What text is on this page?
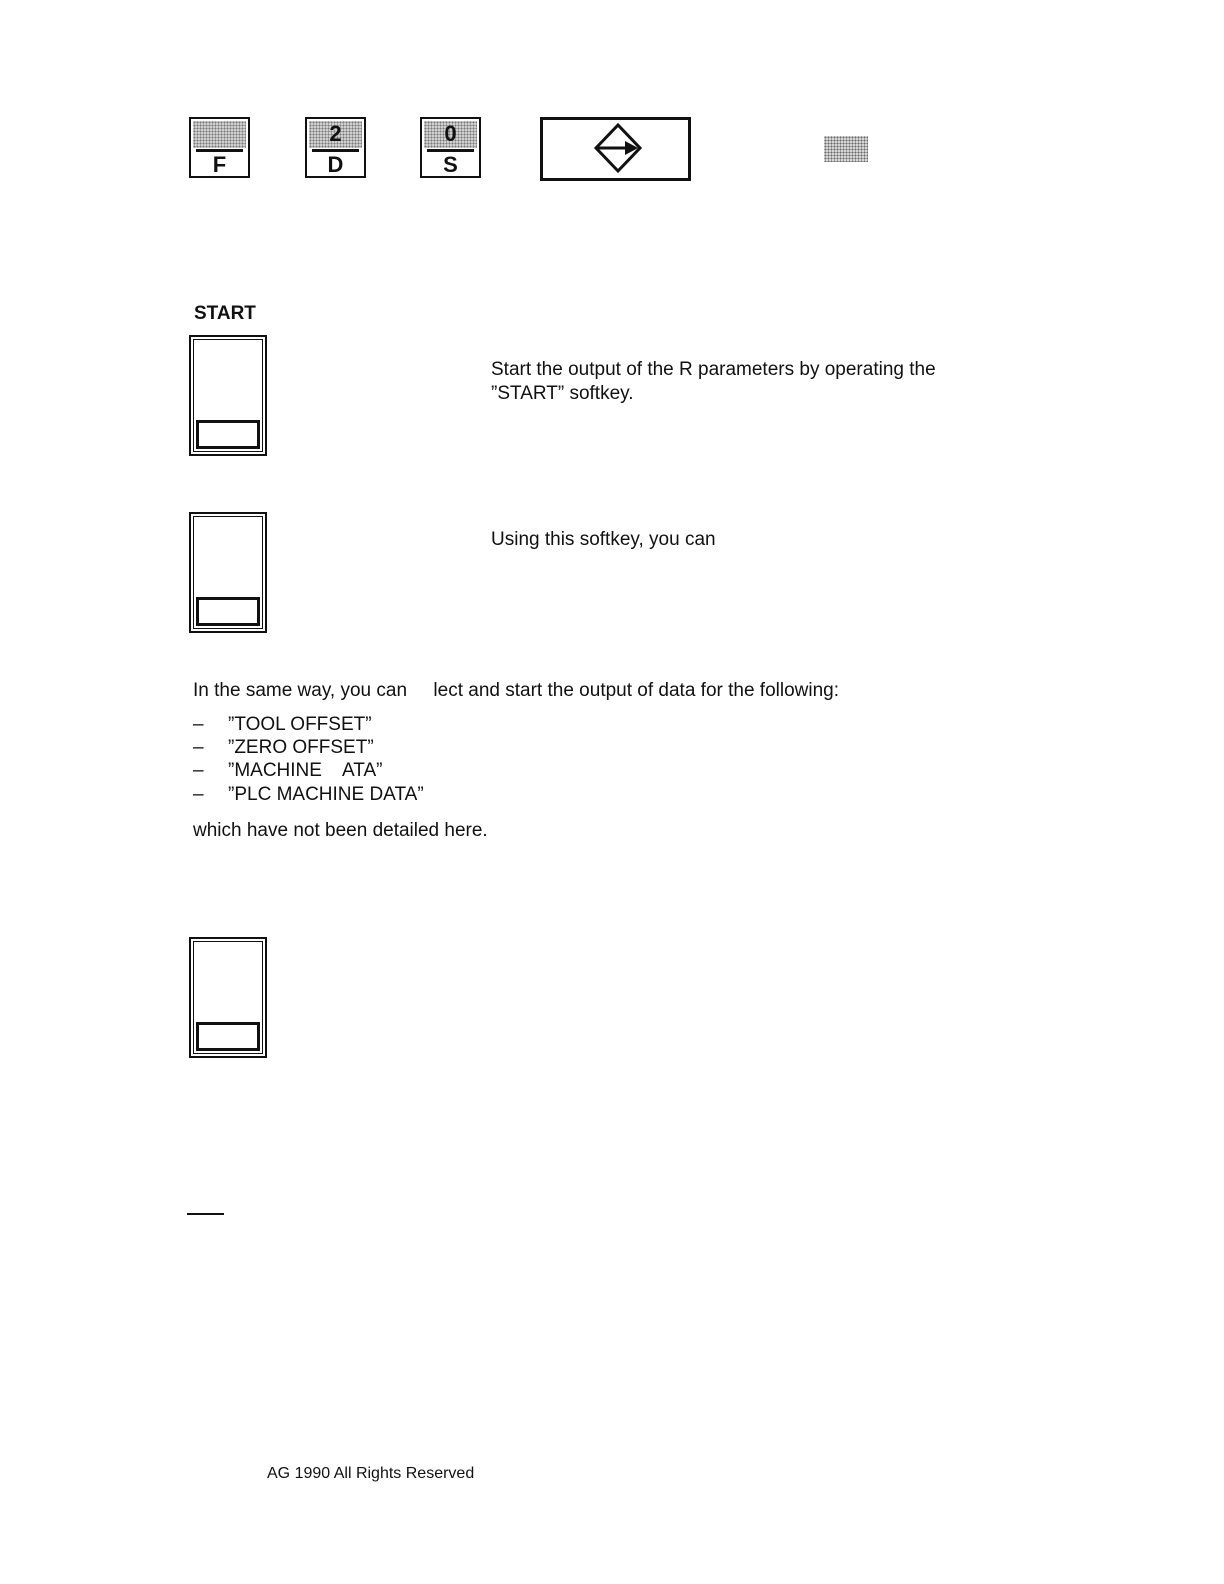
F
2
D
0
S
START
Start the output of the R parameters by operating the ”START” softkey.
Using this softkey, you can
In the same way, you can     lect and start the output of data for the following:
– ”TOOL OFFSET”
– ”ZERO OFFSET”
– ”MACHINE    ATA”
– ”PLC MACHINE DATA”
which have not been detailed here.
AG 1990 All Rights Reserved
